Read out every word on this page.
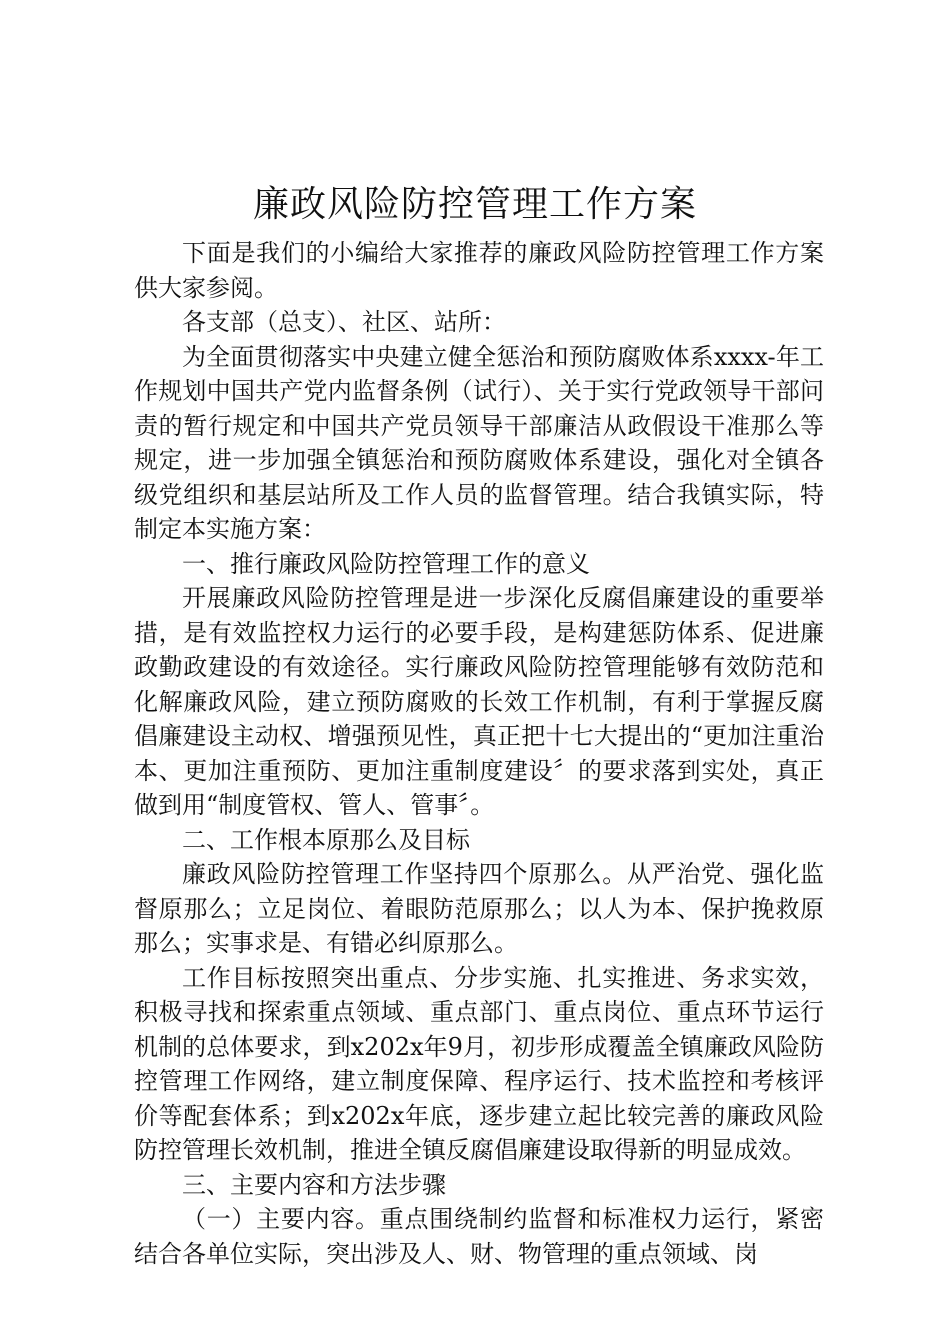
廉政风险防控管理工作方案

下面是我们的小编给大家推荐的廉政风险防控管理工作方案供大家参阅。

各支部（总支）、社区、站所：

为全面贯彻落实中央建立健全惩治和预防腐败体系xxxx-年工作规划中国共产党内监督条例（试行）、关于实行党政领导干部问责的暂行规定和中国共产党员领导干部廉洁从政假设干准那么等规定，进一步加强全镇惩治和预防腐败体系建设，强化对全镇各级党组织和基层站所及工作人员的监督管理。结合我镇实际，特制定本实施方案：

一、推行廉政风险防控管理工作的意义

开展廉政风险防控管理是进一步深化反腐倡廉建设的重要举措，是有效监控权力运行的必要手段，是构建惩防体系、促进廉政勤政建设的有效途径。实行廉政风险防控管理能够有效防范和化解廉政风险，建立预防腐败的长效工作机制，有利于掌握反腐倡廉建设主动权、增强预见性，真正把十七大提出的“更加注重治本、更加注重预防、更加注重制度建设〞的要求落到实处，真正做到用“制度管权、管人、管事〞。

二、工作根本原那么及目标

廉政风险防控管理工作坚持四个原那么。从严治党、强化监督原那么；立足岗位、着眼防范原那么；以人为本、保护挽救原那么；实事求是、有错必纠原那么。

工作目标按照突出重点、分步实施、扎实推进、务求实效，积极寻找和探索重点领域、重点部门、重点岗位、重点环节运行机制的总体要求，到x202x年9月，初步形成覆盖全镇廉政风险防控管理工作网络，建立制度保障、程序运行、技术监控和考核评价等配套体系；到x202x年底，逐步建立起比较完善的廉政风险防控管理长效机制，推进全镇反腐倡廉建设取得新的明显成效。

三、主要内容和方法步骤

（一）主要内容。重点围绕制约监督和标准权力运行，紧密结合各单位实际，突出涉及人、财、物管理的重点领域、岗
